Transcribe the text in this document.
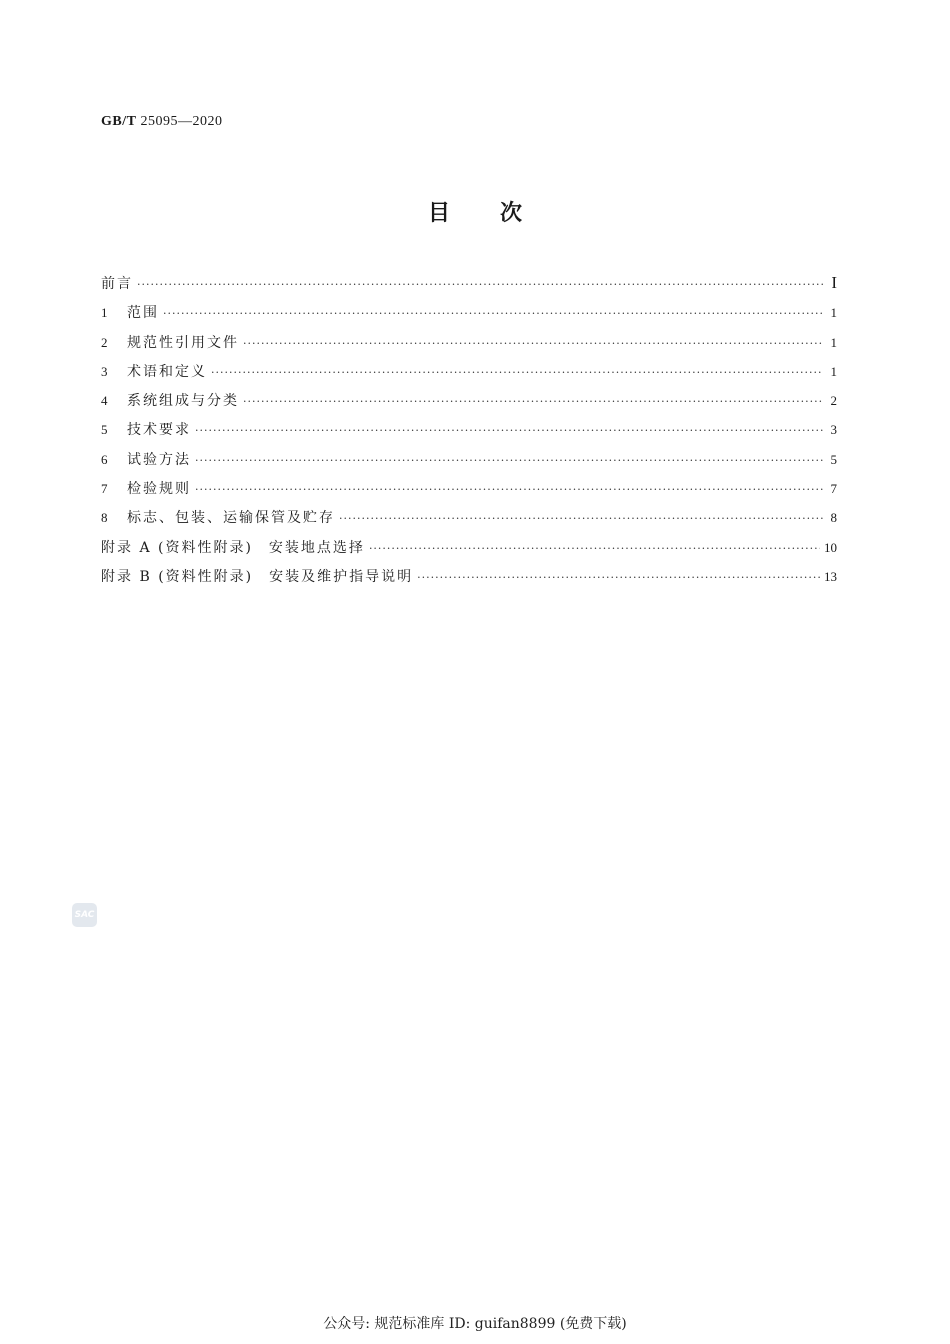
GB/T 25095—2020
目 次
前言 ·····	I
1	范围 ·····	1
2	规范性引用文件 ·····	1
3	术语和定义 ·····	1
4	系统组成与分类 ·····	2
5	技术要求 ·····	3
6	试验方法 ·····	5
7	检验规则 ·····	7
8	标志、包装、运输保管及贮存 ·····	8
附录 A (资料性附录)　安装地点选择 ·····	10
附录 B (资料性附录)　安装及维护指导说明 ·····	13
SAC
公众号: 规范标准库 ID: guifan8899 (免费下载)
